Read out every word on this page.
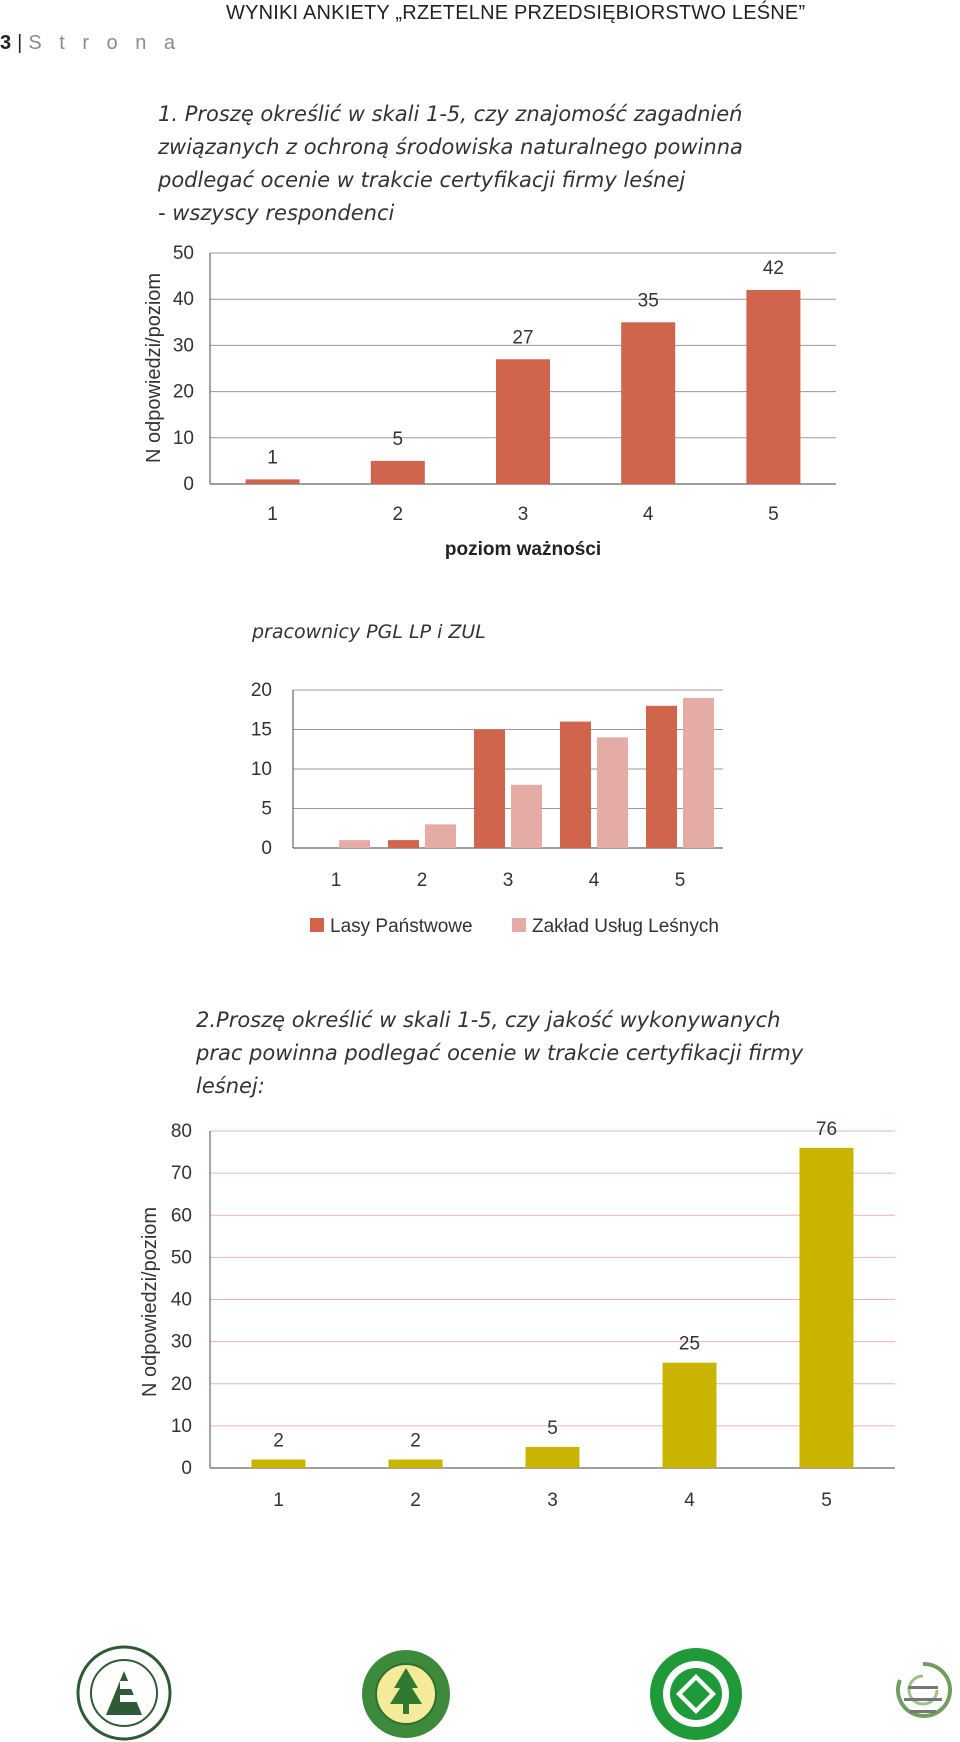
WYNIKI ANKIETY „RZETELNE PRZEDSIĘBIORSTWO LEŚNE”
3 | S t r o n a
1. Proszę określić w skali 1-5, czy znajomość zagadnień
związanych z ochroną środowiska naturalnego powinna
podlegać ocenie w trakcie certyfikacji firmy leśnej
- wszyscy respondenci
0
10
20
30
40
50
1	2	3	4	5
1
5
27
35
42
poziom ważności
N odpowiedzi/poziom
pracownicy PGL LP i ZUL
0
5
10
15
20
1	2	3	4	5
Lasy Państwowe	Zakład Usług Leśnych
2.Proszę określić w skali 1-5, czy jakość wykonywanych
prac powinna podlegać ocenie w trakcie certyfikacji firmy
leśnej:
0
10
20
30
40
50
60
70
80
1	2	3	4	5
2	2
5
25
76
N odpowiedzi/poziom
